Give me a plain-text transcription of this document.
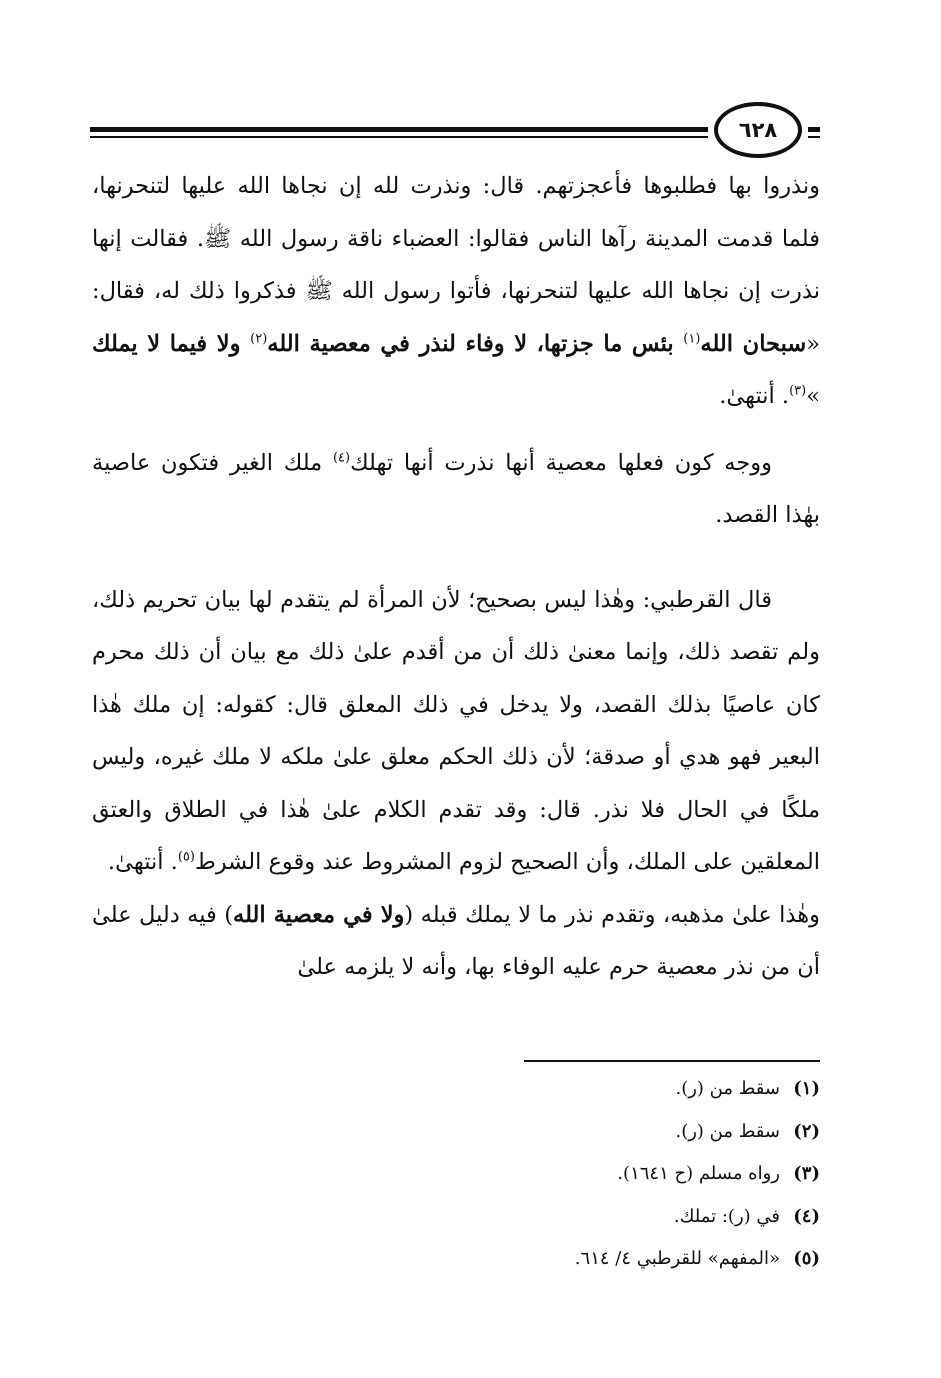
٦٢٨

ونذروا بها فطلبوها فأعجزتهم. قال: ونذرت لله إن نجاها الله عليها لتنحرنها، فلما قدمت المدينة رآها الناس فقالوا: العضباء ناقة رسول الله ﷺ. فقالت إنها نذرت إن نجاها الله عليها لتنحرنها، فأتوا رسول الله ﷺ فذكروا ذلك له، فقال: «سبحان الله$^{(١)}$ بئس ما جزتها، لا وفاء لنذر في معصية الله$^{(٢)}$ ولا فيما لا يملك »$^{(٣)}$. أنتهىٰ.

ووجه كون فعلها معصية أنها نذرت أنها تهلك$^{(٤)}$ ملك الغير فتكون عاصية بهٰذا القصد.

قال القرطبي: وهٰذا ليس بصحيح؛ لأن المرأة لم يتقدم لها بيان تحريم ذلك، ولم تقصد ذلك، وإنما معنىٰ ذلك أن من أقدم علىٰ ذلك مع بيان أن ذلك محرم كان عاصيًا بذلك القصد، ولا يدخل في ذلك المعلق قال: كقوله: إن ملك هٰذا البعير فهو هدي أو صدقة؛ لأن ذلك الحكم معلق علىٰ ملكه لا ملك غيره، وليس ملكًا في الحال فلا نذر. قال: وقد تقدم الكلام علىٰ هٰذا في الطلاق والعتق المعلقين على الملك، وأن الصحيح لزوم المشروط عند وقوع الشرط$^{(٥)}$. أنتهىٰ.

وهٰذا علىٰ مذهبه، وتقدم نذر ما لا يملك قبله (ولا في معصية الله) فيه دليل علىٰ أن من نذر معصية حرم عليه الوفاء بها، وأنه لا يلزمه علىٰ

(١)سقط من (ر).
(٢)سقط من (ر).
(٣)رواه مسلم (ح ١٦٤١).
(٤)في (ر): تملك.
(٥)«المفهم» للقرطبي ٤/ ٦١٤.
